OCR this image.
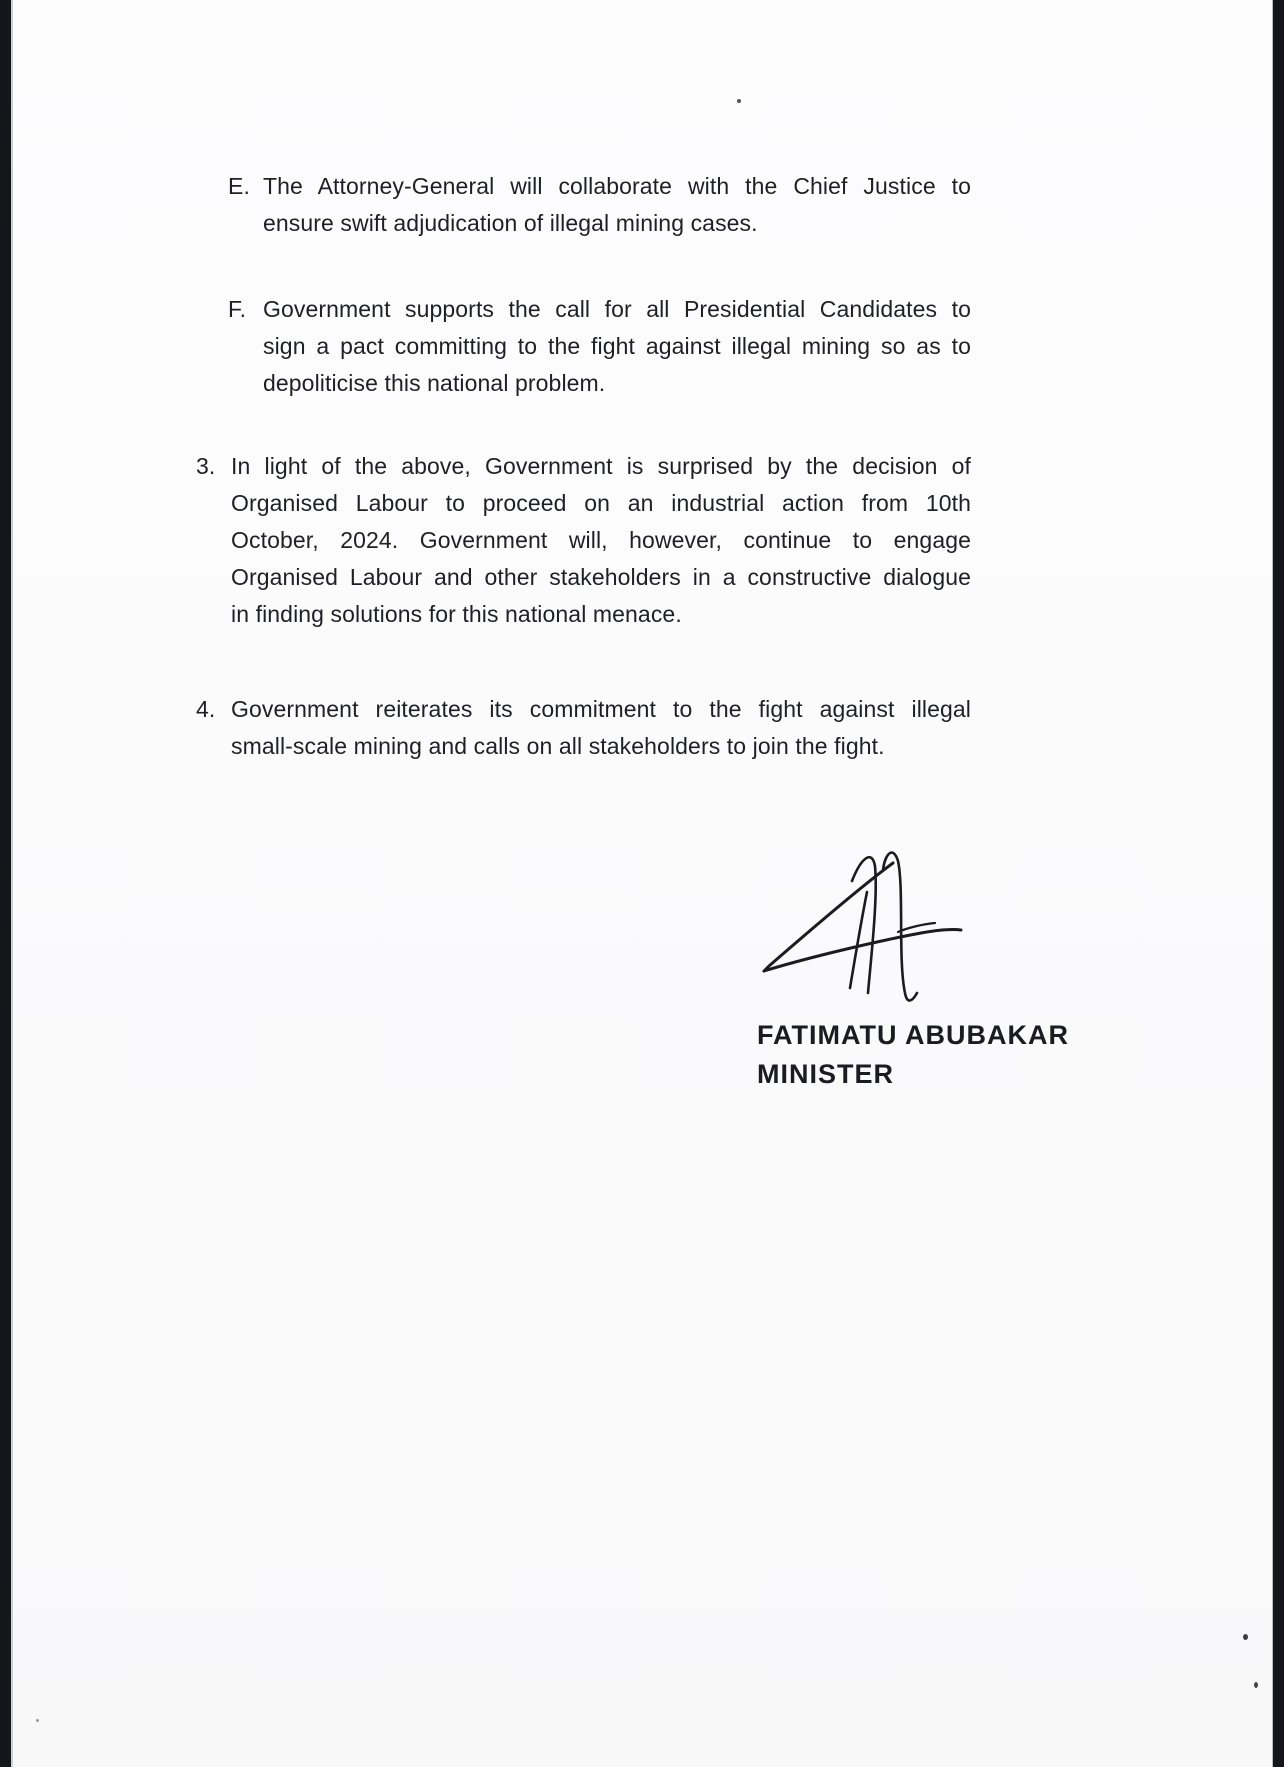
E. The Attorney-General will collaborate with the Chief Justice to
ensure swift adjudication of illegal mining cases.
F. Government supports the call for all Presidential Candidates to
sign a pact committing to the fight against illegal mining so as to
depoliticise this national problem.
3. In light of the above, Government is surprised by the decision of
Organised Labour to proceed on an industrial action from 10th
October, 2024. Government will, however, continue to engage
Organised Labour and other stakeholders in a constructive dialogue
in finding solutions for this national menace.
4. Government reiterates its commitment to the fight against illegal
small-scale mining and calls on all stakeholders to join the fight.
FATIMATU ABUBAKAR
MINISTER
